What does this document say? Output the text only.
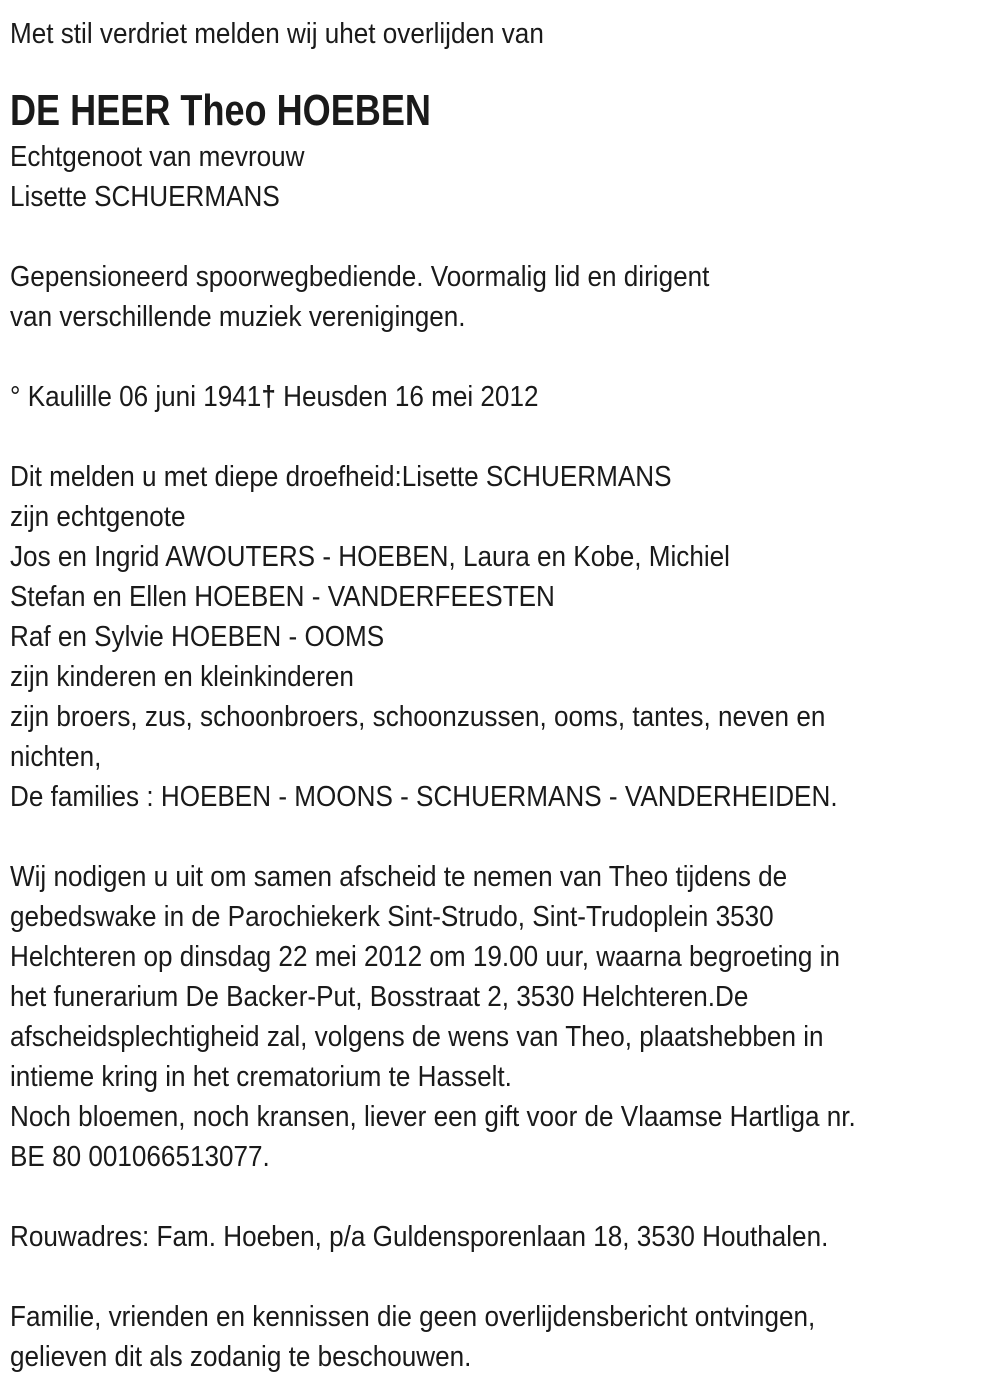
Met stil verdriet melden wij uhet overlijden van

DE HEER Theo HOEBEN
Echtgenoot van mevrouw
Lisette SCHUERMANS
Gepensioneerd spoorwegbediende. Voormalig lid en dirigent
van verschillende muziek verenigingen.
° Kaulille 06 juni 1941† Heusden 16 mei 2012
Dit melden u met diepe droefheid:Lisette SCHUERMANS
zijn echtgenote
Jos en Ingrid AWOUTERS - HOEBEN, Laura en Kobe, Michiel
Stefan en Ellen HOEBEN - VANDERFEESTEN
Raf en Sylvie HOEBEN - OOMS
zijn kinderen en kleinkinderen
zijn broers, zus, schoonbroers, schoonzussen, ooms, tantes, neven en
nichten,
De families : HOEBEN - MOONS - SCHUERMANS - VANDERHEIDEN.
Wij nodigen u uit om samen afscheid te nemen van Theo tijdens de
gebedswake in de Parochiekerk Sint-Strudo, Sint-Trudoplein 3530
Helchteren op dinsdag 22 mei 2012 om 19.00 uur, waarna begroeting in
het funerarium De Backer-Put, Bosstraat 2, 3530 Helchteren.De
afscheidsplechtigheid zal, volgens de wens van Theo, plaatshebben in
intieme kring in het crematorium te Hasselt.
Noch bloemen, noch kransen, liever een gift voor de Vlaamse Hartliga nr.
BE 80 001066513077.
Rouwadres: Fam. Hoeben, p/a Guldensporenlaan 18, 3530 Houthalen.
Familie, vrienden en kennissen die geen overlijdensbericht ontvingen,
gelieven dit als zodanig te beschouwen.
